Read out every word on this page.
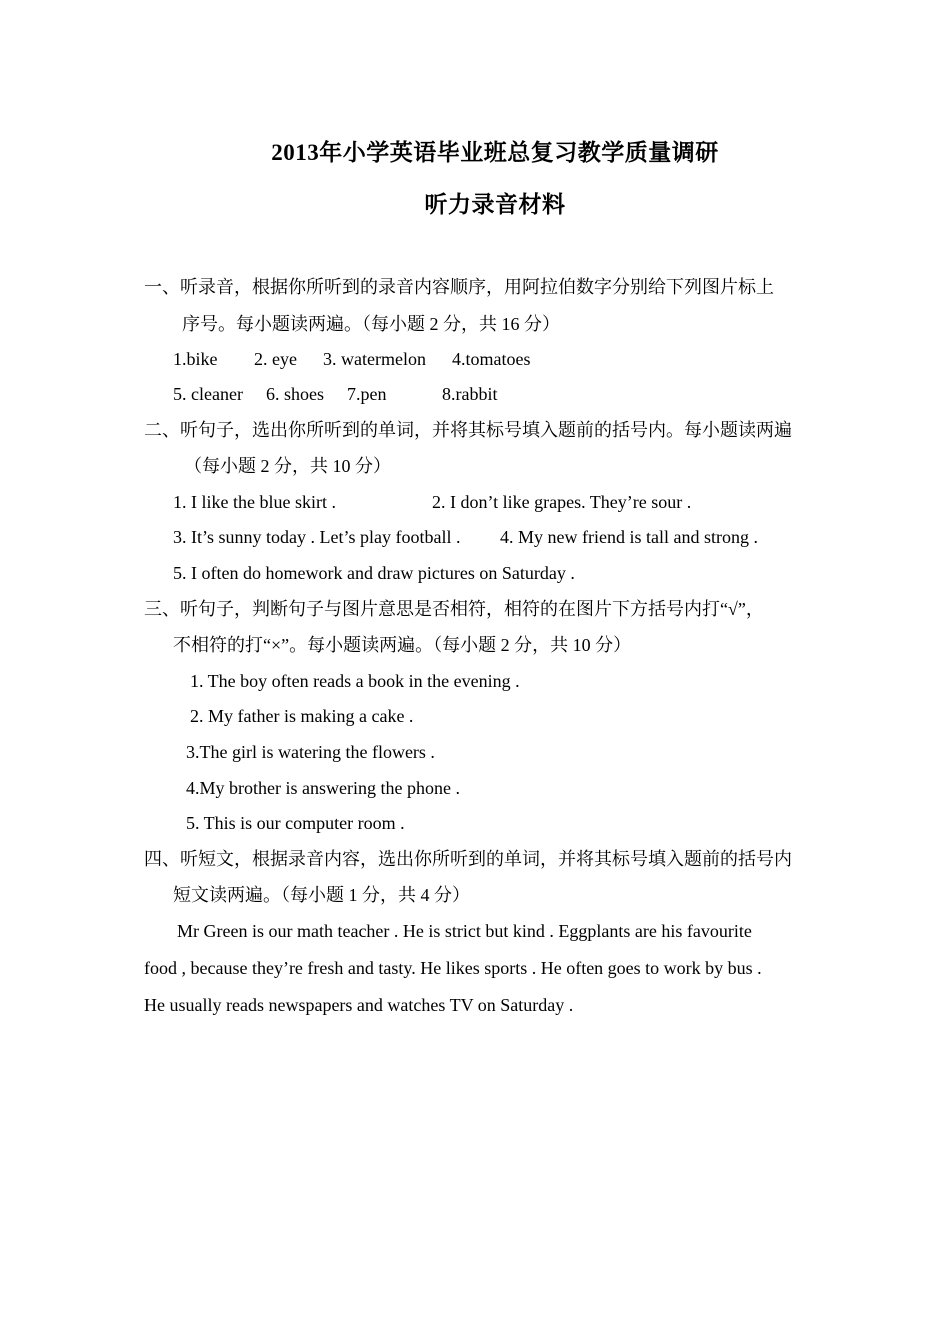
2013年小学英语毕业班总复习教学质量调研
听力录音材料
一、听录音，根据你所听到的录音内容顺序，用阿拉伯数字分别给下列图片标上
序号。每小题读两遍。（每小题 2 分，共 16 分）
1.bike 2. eye 3. watermelon 4.tomatoes
5. cleaner 6. shoes 7.pen	8.rabbit
二、听句子，选出你所听到的单词，并将其标号填入题前的括号内。每小题读两遍
（每小题 2 分，共 10 分）
1. I like the blue skirt .	2. I don’t like grapes. They’re sour .
3. It’s sunny today . Let’s play football . 4. My new friend is tall and strong .
5. I often do homework and draw pictures on Saturday .
三、听句子，判断句子与图片意思是否相符，相符的在图片下方括号内打“√”，
不相符的打“×”。每小题读两遍。（每小题 2 分，共 10 分）
1. The boy often reads a book in the evening .
2. My father is making a cake .
3.The girl is watering the flowers .
4.My brother is answering the phone .
5. This is our computer room .
四、听短文，根据录音内容，选出你所听到的单词，并将其标号填入题前的括号内
短文读两遍。（每小题 1 分，共 4 分）
Mr Green is our math teacher . He is strict but kind . Eggplants are his favourite
food , because they’re fresh and tasty. He likes sports . He often goes to work by bus .
He usually reads newspapers and watches TV on Saturday .
